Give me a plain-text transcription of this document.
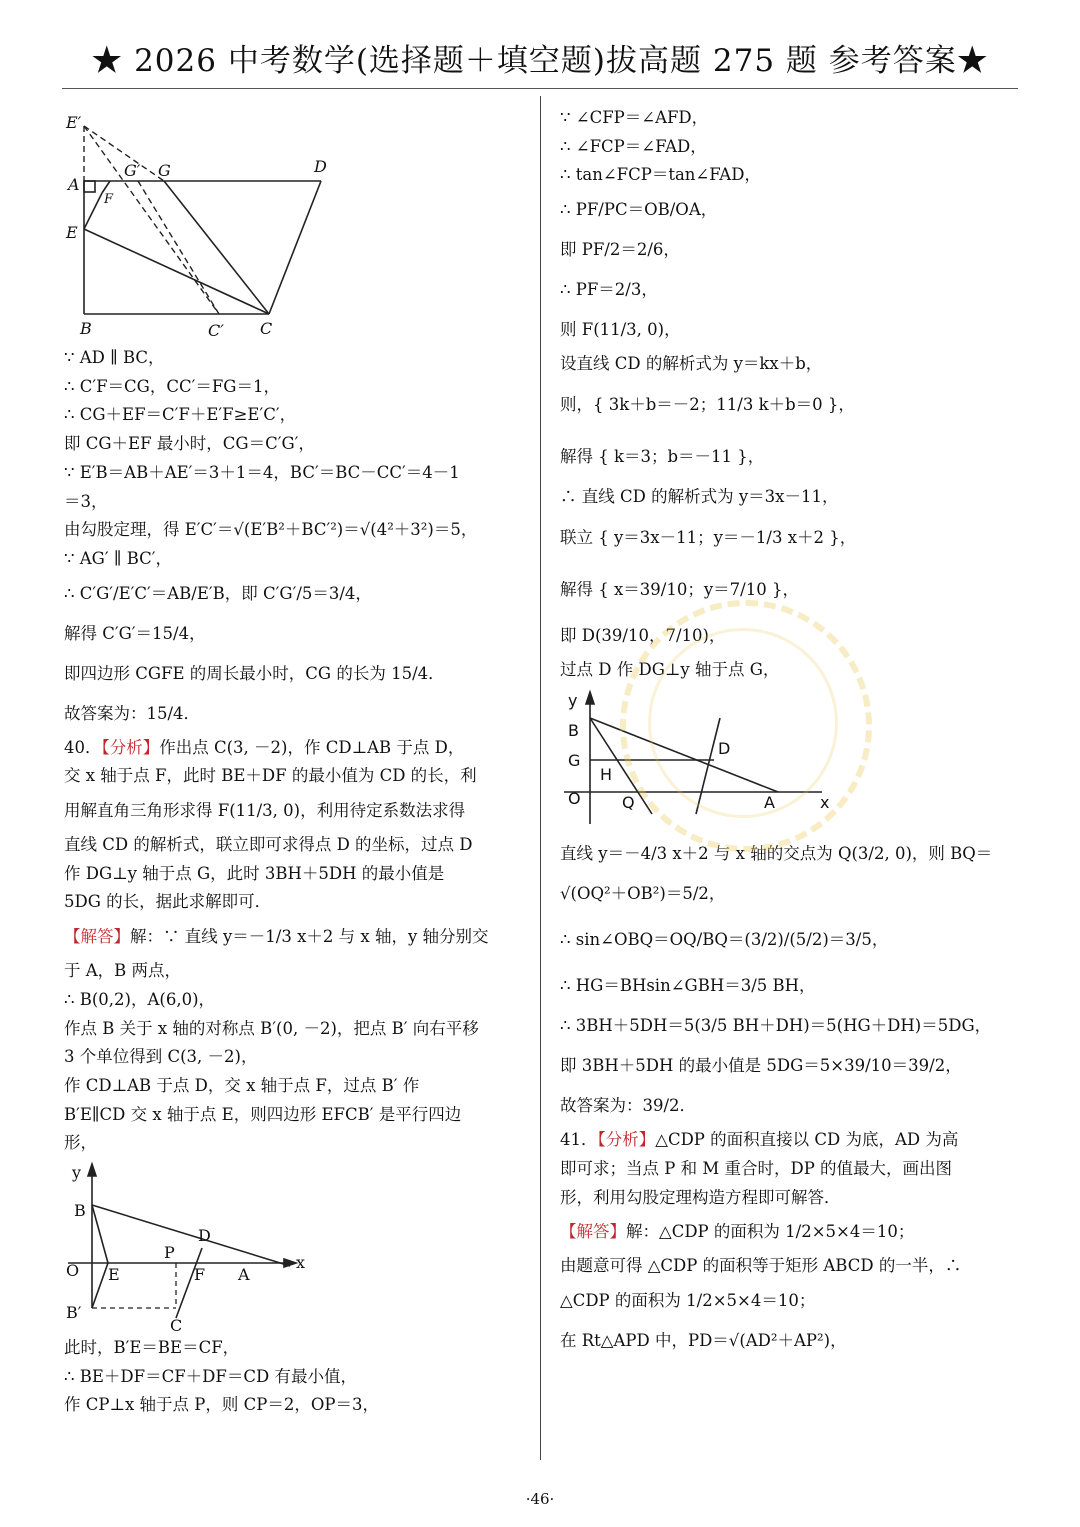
★ 2026 中考数学(选择题＋填空题)拔高题 275 题 参考答案★
E′
A
G′ G	D
F
E
B	C′ C
∵ AD ∥ BC，
∴ C′F＝CG，CC′＝FG＝1，
∴ CG＋EF＝C′F＋E′F≥E′C′，
即 CG＋EF 最小时，CG＝C′G′，
∵ E′B＝AB＋AE′＝3＋1＝4，BC′＝BC－CC′＝4－1
＝3，
由勾股定理，得 E′C′＝√(E′B²＋BC′²)＝√(4²＋3²)＝5，
∵ AG′ ∥ BC′，
∴ C′G′/E′C′＝AB/E′B，即 C′G′/5＝3/4，
解得 C′G′＝15/4，
即四边形 CGFE 的周长最小时，CG 的长为 15/4．
故答案为：15/4．
40．【分析】作出点 C(3, －2)，作 CD⊥AB 于点 D，
交 x 轴于点 F，此时 BE＋DF 的最小值为 CD 的长，利
用解直角三角形求得 F(11/3, 0)，利用待定系数法求得
直线 CD 的解析式，联立即可求得点 D 的坐标，过点 D
作 DG⊥y 轴于点 G，此时 3BH＋5DH 的最小值是
5DG 的长，据此求解即可．
【解答】解：∵ 直线 y＝－1/3 x＋2 与 x 轴，y 轴分别交
于 A，B 两点，
∴ B(0,2)，A(6,0)，
作点 B 关于 x 轴的对称点 B′(0, －2)，把点 B′ 向右平移
3 个单位得到 C(3, －2)，
作 CD⊥AB 于点 D，交 x 轴于点 F，过点 B′ 作
B′E∥CD 交 x 轴于点 E，则四边形 EFCB′ 是平行四边
形，
y
B
O E
P
D
F A
x
B′
C
此时，B′E＝BE＝CF，
∴ BE＋DF＝CF＋DF＝CD 有最小值，
作 CP⊥x 轴于点 P，则 CP＝2，OP＝3，
∵ ∠CFP＝∠AFD，
∴ ∠FCP＝∠FAD，
∴ tan∠FCP＝tan∠FAD，
∴ PF/PC＝OB/OA，
即 PF/2＝2/6，
∴ PF＝2/3，
则 F(11/3, 0)，
设直线 CD 的解析式为 y＝kx＋b，
则，{ 3k＋b＝－2；11/3 k＋b＝0 }，
解得 { k＝3；b＝－11 }，
∴ 直线 CD 的解析式为 y＝3x－11，
联立 { y＝3x－11；y＝－1/3 x＋2 }，
解得 { x＝39/10；y＝7/10 }，
即 D(39/10，7/10)，
过点 D 作 DG⊥y 轴于点 G，
y
B
G
H
D
O	Q	A	x
直线 y＝－4/3 x＋2 与 x 轴的交点为 Q(3/2, 0)，则 BQ＝
√(OQ²＋OB²)＝5/2，
∴ sin∠OBQ＝OQ/BQ＝(3/2)/(5/2)＝3/5，
∴ HG＝BHsin∠GBH＝3/5 BH，
∴ 3BH＋5DH＝5(3/5 BH＋DH)＝5(HG＋DH)＝5DG，
即 3BH＋5DH 的最小值是 5DG＝5×39/10＝39/2，
故答案为：39/2．
41．【分析】△CDP 的面积直接以 CD 为底，AD 为高
即可求；当点 P 和 M 重合时，DP 的值最大，画出图
形，利用勾股定理构造方程即可解答．
【解答】解：△CDP 的面积为 1/2×5×4＝10；
由题意可得 △CDP 的面积等于矩形 ABCD 的一半，∴
△CDP 的面积为 1/2×5×4＝10；
在 Rt△APD 中，PD＝√(AD²＋AP²)，
·46·
